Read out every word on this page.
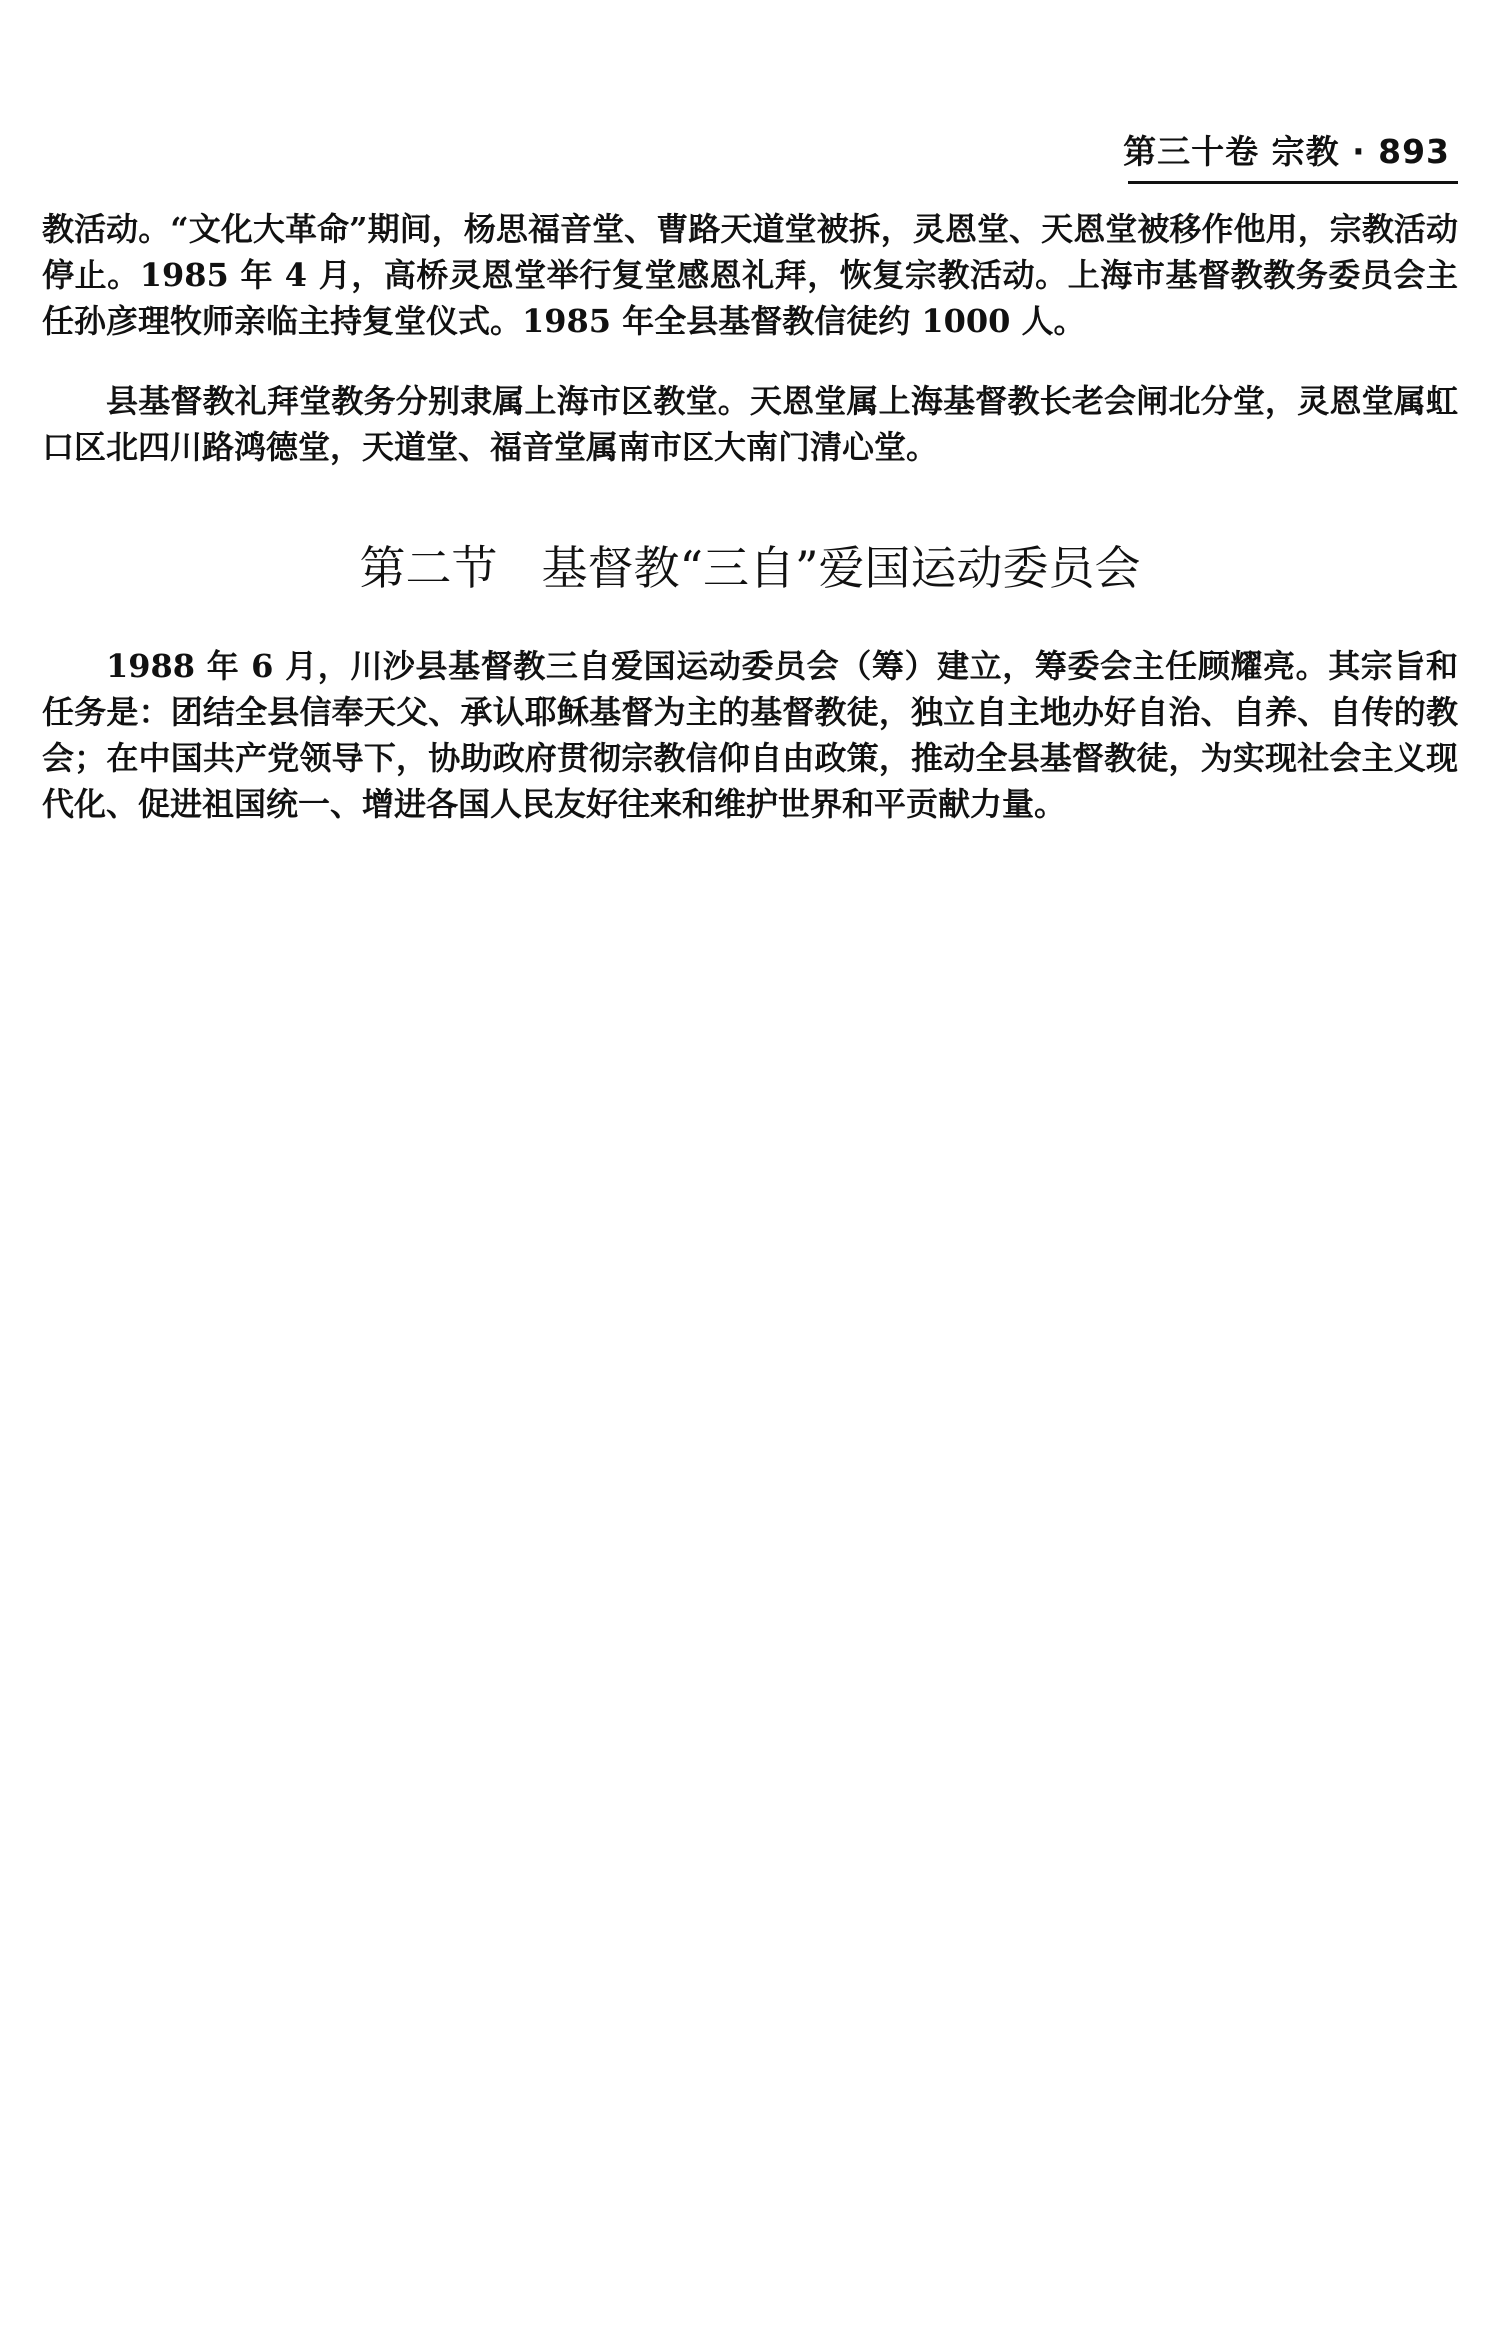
第三十卷 宗教 · 893

教活动。“文化大革命”期间，杨思福音堂、曹路天道堂被拆，灵恩堂、天恩堂被移作他用，宗教活动停止。1985 年 4 月，高桥灵恩堂举行复堂感恩礼拜，恢复宗教活动。上海市基督教教务委员会主任孙彦理牧师亲临主持复堂仪式。1985 年全县基督教信徒约 1000 人。

县基督教礼拜堂教务分别隶属上海市区教堂。天恩堂属上海基督教长老会闸北分堂，灵恩堂属虹口区北四川路鸿德堂，天道堂、福音堂属南市区大南门清心堂。

第二节 基督教“三自”爱国运动委员会

1988 年 6 月，川沙县基督教三自爱国运动委员会（筹）建立，筹委会主任顾耀亮。其宗旨和任务是：团结全县信奉天父、承认耶稣基督为主的基督教徒，独立自主地办好自治、自养、自传的教会；在中国共产党领导下，协助政府贯彻宗教信仰自由政策，推动全县基督教徒，为实现社会主义现代化、促进祖国统一、增进各国人民友好往来和维护世界和平贡献力量。
